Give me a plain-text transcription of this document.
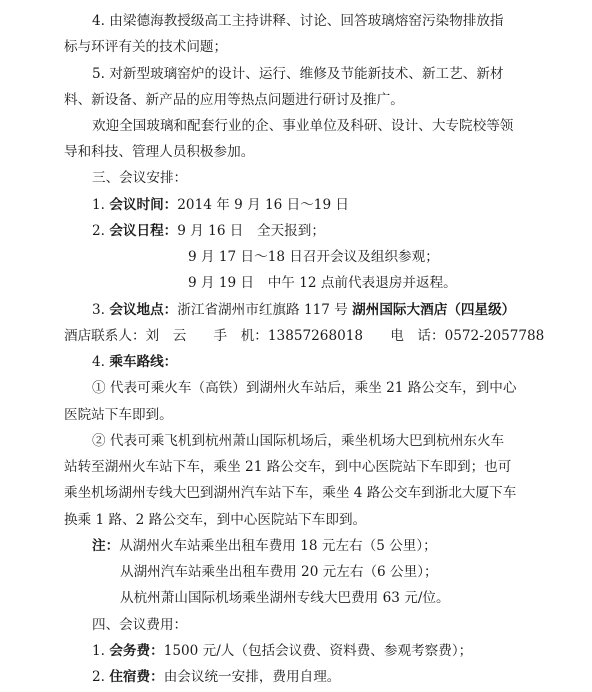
4. 由梁德海教授级高工主持讲释、讨论、回答玻璃熔窑污染物排放指
标与环评有关的技术问题；
5. 对新型玻璃窑炉的设计、运行、维修及节能新技术、新工艺、新材
料、新设备、新产品的应用等热点问题进行研讨及推广。
欢迎全国玻璃和配套行业的企、事业单位及科研、设计、大专院校等领
导和科技、管理人员积极参加。
三、会议安排：
1. 会议时间：2014 年 9 月 16 日～19 日
2. 会议日程：9 月 16 日　全天报到；
9 月 17 日～18 日召开会议及组织参观；
9 月 19 日　中午 12 点前代表退房并返程。
3. 会议地点：浙江省湖州市红旗路 117 号 湖州国际大酒店（四星级）
酒店联系人：刘　云　　手　机：13857268018　　电　话：0572-2057788
4. 乘车路线：
① 代表可乘火车（高铁）到湖州火车站后，乘坐 21 路公交车，到中心
医院站下车即到。
② 代表可乘飞机到杭州萧山国际机场后，乘坐机场大巴到杭州东火车
站转至湖州火车站下车，乘坐 21 路公交车，到中心医院站下车即到；也可
乘坐机场湖州专线大巴到湖州汽车站下车，乘坐 4 路公交车到浙北大厦下车
换乘 1 路、2 路公交车，到中心医院站下车即到。
注：从湖州火车站乘坐出租车费用 18 元左右（5 公里）；
从湖州汽车站乘坐出租车费用 20 元左右（6 公里）；
从杭州萧山国际机场乘坐湖州专线大巴费用 63 元/位。
四、会议费用：
1. 会务费：1500 元/人（包括会议费、资料费、参观考察费）；
2. 住宿费：由会议统一安排，费用自理。
